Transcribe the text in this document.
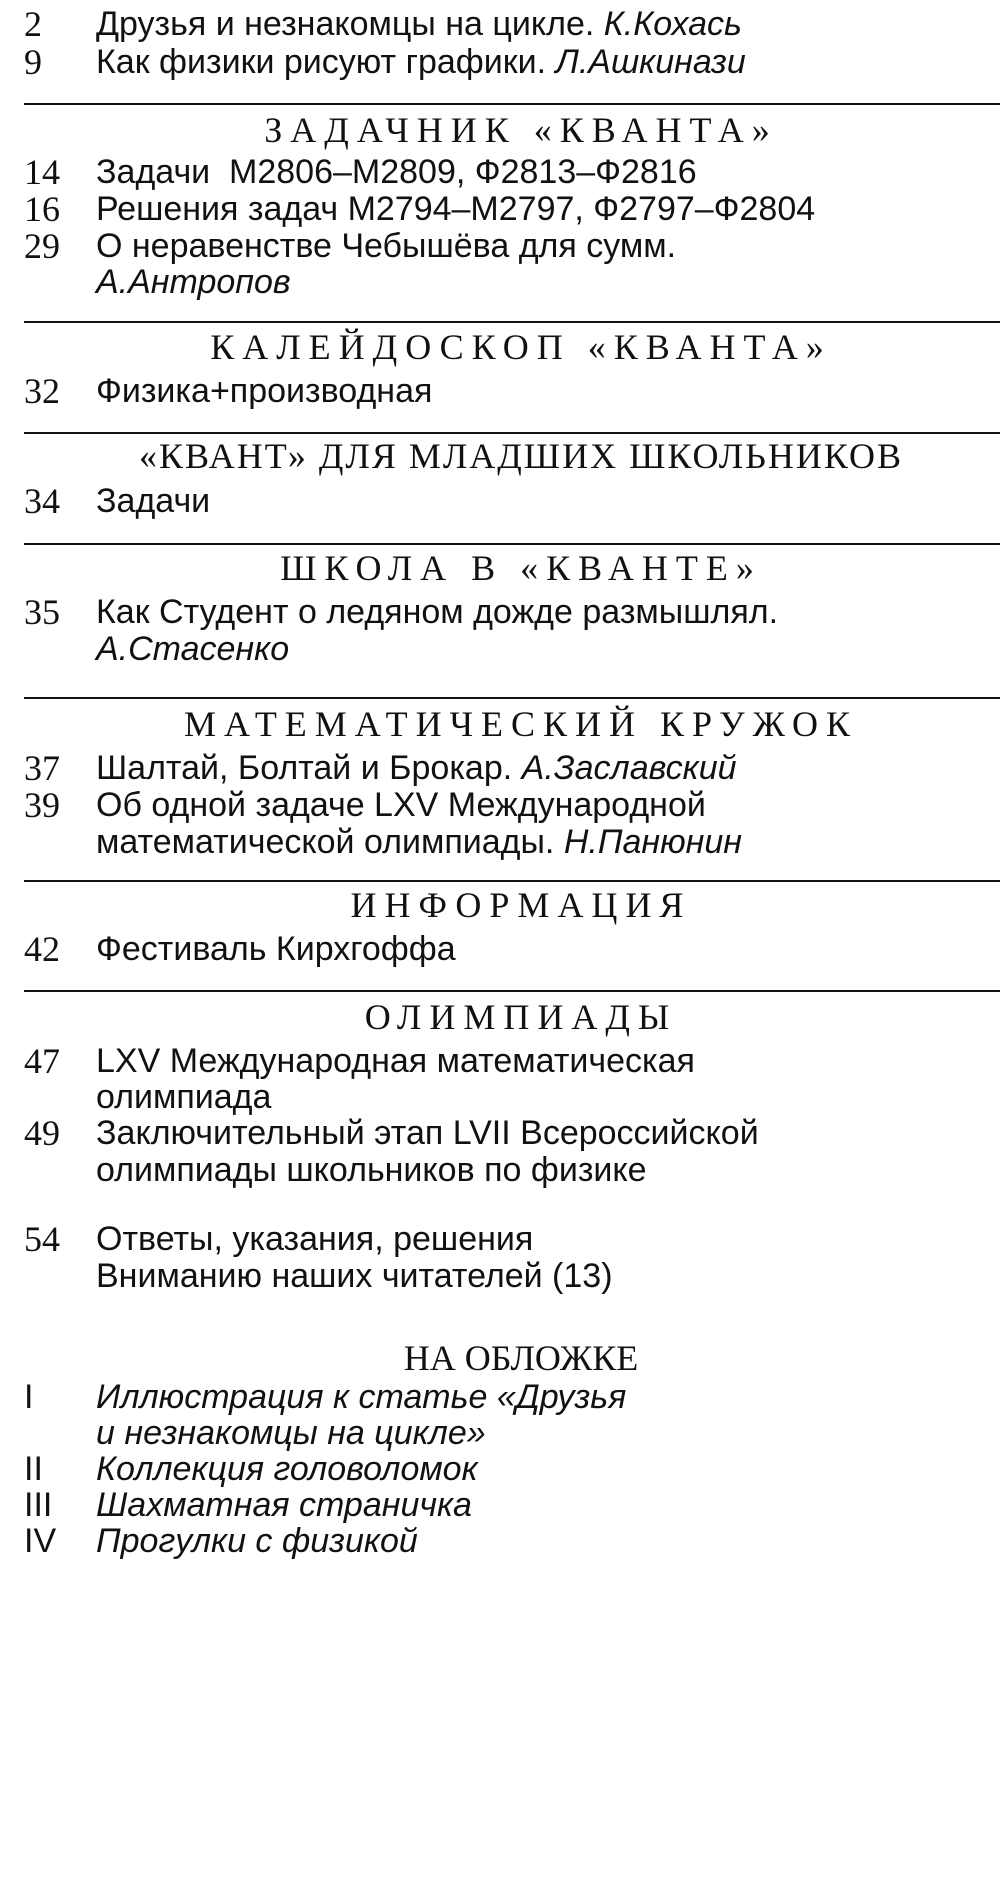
2 Друзья и незнакомцы на цикле. К.Кохась
9 Как физики рисуют графики. Л.Ашкинази
ЗАДАЧНИК «КВАНТА»
14 Задачи  М2806–М2809, Ф2813–Ф2816
16 Решения задач М2794–М2797, Ф2797–Ф2804
29 О неравенстве Чебышёва для сумм.
А.Антропов
КАЛЕЙДОСКОП «КВАНТА»
32 Физика+производная
«КВАНТ» ДЛЯ МЛАДШИХ ШКОЛЬНИКОВ
34 Задачи
ШКОЛА В «КВАНТЕ»
35 Как Студент о ледяном дожде размышлял.
А.Стасенко
МАТЕМАТИЧЕСКИЙ КРУЖОК
37 Шалтай, Болтай и Брокар. А.Заславский
39 Об одной задаче LXV Международной
математической олимпиады. Н.Панюнин
ИНФОРМАЦИЯ
42 Фестиваль Кирхгоффа
ОЛИМПИАДЫ
47 LXV Международная математическая
олимпиада
49 Заключительный этап LVII Всероссийской
олимпиады школьников по физике
54 Ответы, указания, решения
Вниманию наших читателей (13)
НА ОБЛОЖКЕ
I Иллюстрация к статье «Друзья
и незнакомцы на цикле»
II Коллекция головоломок
III Шахматная страничка
IV Прогулки с физикой
